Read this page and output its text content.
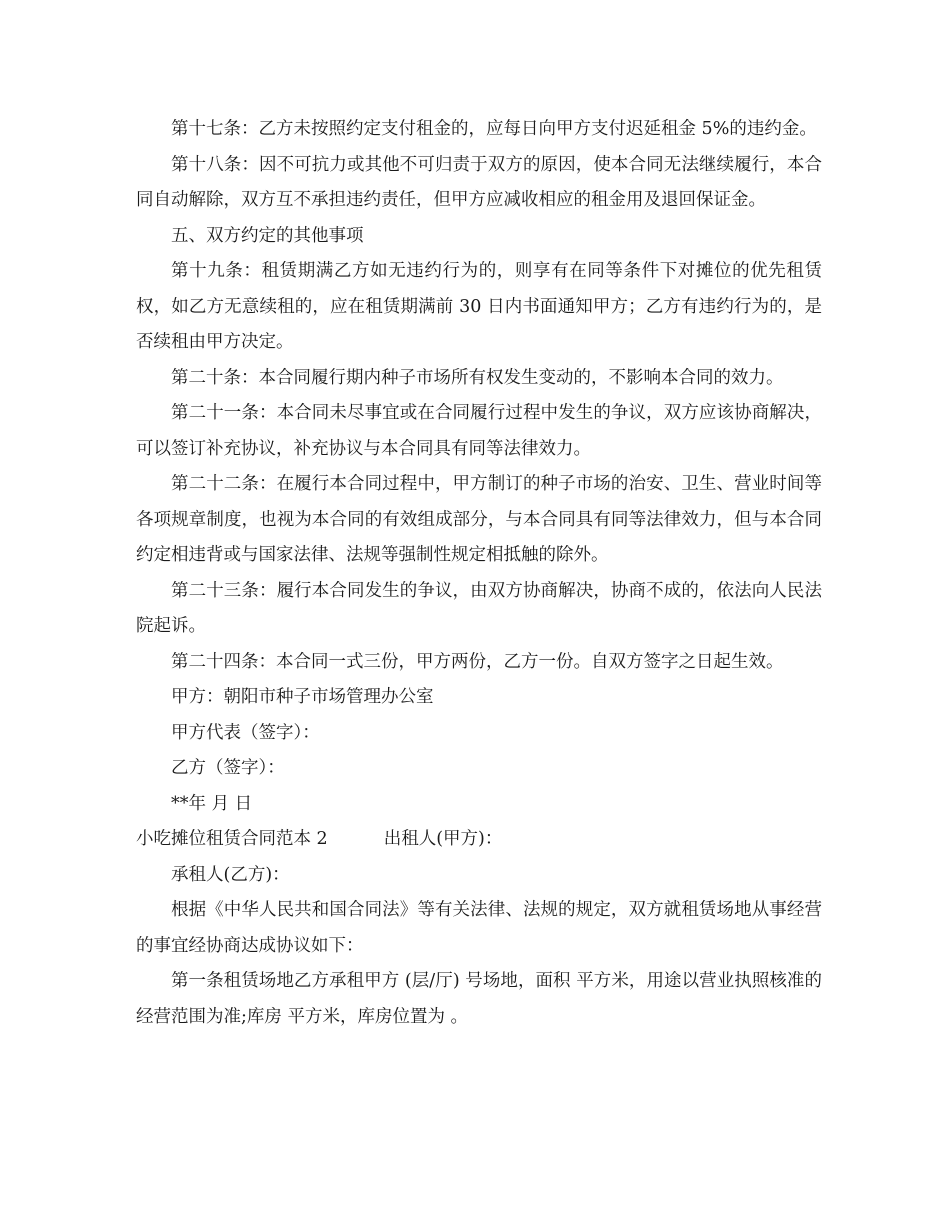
第十七条：乙方未按照约定支付租金的，应每日向甲方支付迟延租金 5%的违约金。

第十八条：因不可抗力或其他不可归责于双方的原因，使本合同无法继续履行，本合同自动解除，双方互不承担违约责任，但甲方应减收相应的租金用及退回保证金。

五、双方约定的其他事项

第十九条：租赁期满乙方如无违约行为的，则享有在同等条件下对摊位的优先租赁权，如乙方无意续租的，应在租赁期满前 30 日内书面通知甲方；乙方有违约行为的，是否续租由甲方决定。

第二十条：本合同履行期内种子市场所有权发生变动的，不影响本合同的效力。

第二十一条：本合同未尽事宜或在合同履行过程中发生的争议，双方应该协商解决，可以签订补充协议，补充协议与本合同具有同等法律效力。

第二十二条：在履行本合同过程中，甲方制订的种子市场的治安、卫生、营业时间等各项规章制度，也视为本合同的有效组成部分，与本合同具有同等法律效力，但与本合同约定相违背或与国家法律、法规等强制性规定相抵触的除外。

第二十三条：履行本合同发生的争议，由双方协商解决，协商不成的，依法向人民法院起诉。

第二十四条：本合同一式三份，甲方两份，乙方一份。自双方签字之日起生效。

甲方：朝阳市种子市场管理办公室

甲方代表（签字）：

乙方（签字）：

**年 月 日

小吃摊位租赁合同范本 2	出租人(甲方)：

承租人(乙方)：

根据《中华人民共和国合同法》等有关法律、法规的规定，双方就租赁场地从事经营的事宜经协商达成协议如下：

第一条租赁场地乙方承租甲方 (层/厅) 号场地，面积 平方米，用途以营业执照核准的经营范围为准;库房 平方米，库房位置为 。
